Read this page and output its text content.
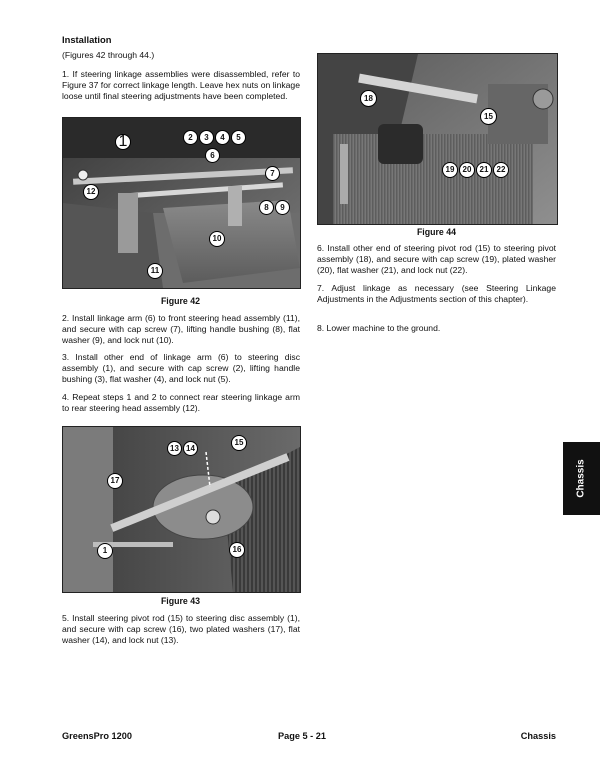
Installation
(Figures 42 through 44.)
1. If steering linkage assemblies were disassembled, refer to Figure 37 for correct linkage length. Leave hex nuts on linkage loose until final steering adjustments have been completed.
1	2	3	4	5
6
7
8	9
10
11
12
Figure 42
2. Install linkage arm (6) to front steering head assembly (11), and secure with cap screw (7), lifting handle bushing (8), flat washer (9), and lock nut (10).
3. Install other end of linkage arm (6) to steering disc assembly (1), and secure with cap screw (2), lifting handle bushing (3), flat washer (4), and lock nut (5).
4. Repeat steps 1 and 2 to connect rear steering linkage arm to rear steering head assembly (12).
13 14
15
17
1	16
Figure 43
5. Install steering pivot rod (15) to steering disc assembly (1), and secure with cap screw (16), two plated washers (17), flat washer (14), and lock nut (13).
18
15
19	20	21	22
Figure 44
6. Install other end of steering pivot rod (15) to steering pivot assembly (18), and secure with cap screw (19), plated washer (20), flat washer (21), and lock nut (22).
7. Adjust linkage as necessary (see Steering Linkage Adjustments in the Adjustments section of this chapter).
8. Lower machine to the ground.
Chassis
GreensPro 1200	Page 5 - 21	Chassis
